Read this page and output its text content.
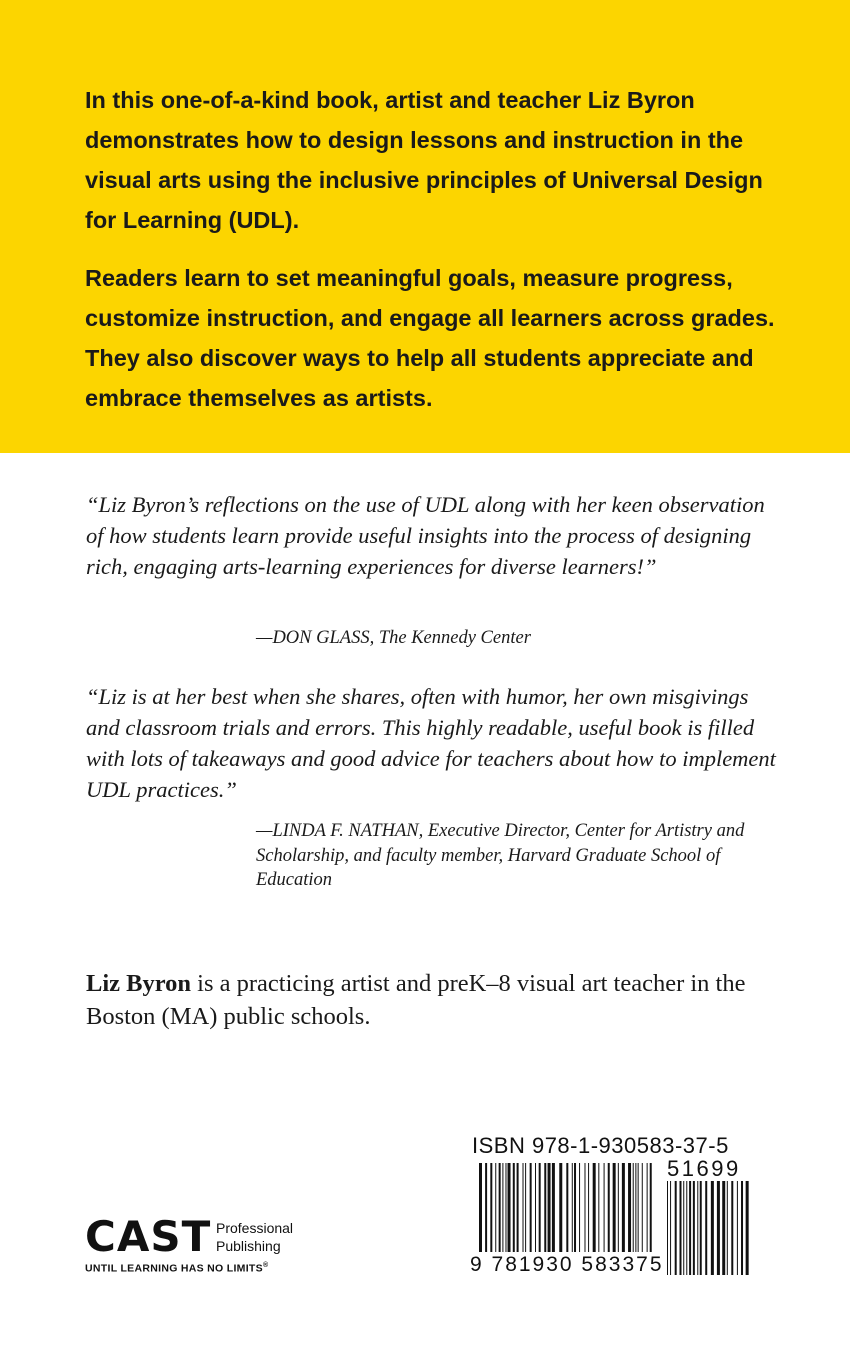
In this one-of-a-kind book, artist and teacher Liz Byron demonstrates how to design lessons and instruction in the visual arts using the inclusive principles of Universal Design for Learning (UDL).

Readers learn to set meaningful goals, measure progress, customize instruction, and engage all learners across grades. They also discover ways to help all students appreciate and embrace themselves as artists.

“Liz Byron’s reflections on the use of UDL along with her keen observation of how students learn provide useful insights into the process of designing rich, engaging arts-learning experiences for diverse learners!”

—DON GLASS, The Kennedy Center

“Liz is at her best when she shares, often with humor, her own misgivings and classroom trials and errors. This highly readable, useful book is filled with lots of takeaways and good advice for teachers about how to implement UDL practices.”

—LINDA F. NATHAN, Executive Director, Center for Artistry and Scholarship, and faculty member, Harvard Graduate School of Education

Liz Byron is a practicing artist and preK–8 visual art teacher in the Boston (MA) public schools.

CAST Professional
Publishing
UNTIL LEARNING HAS NO LIMITS®
ISBN 978-1-930583-37-5
51699
9 781930 583375
